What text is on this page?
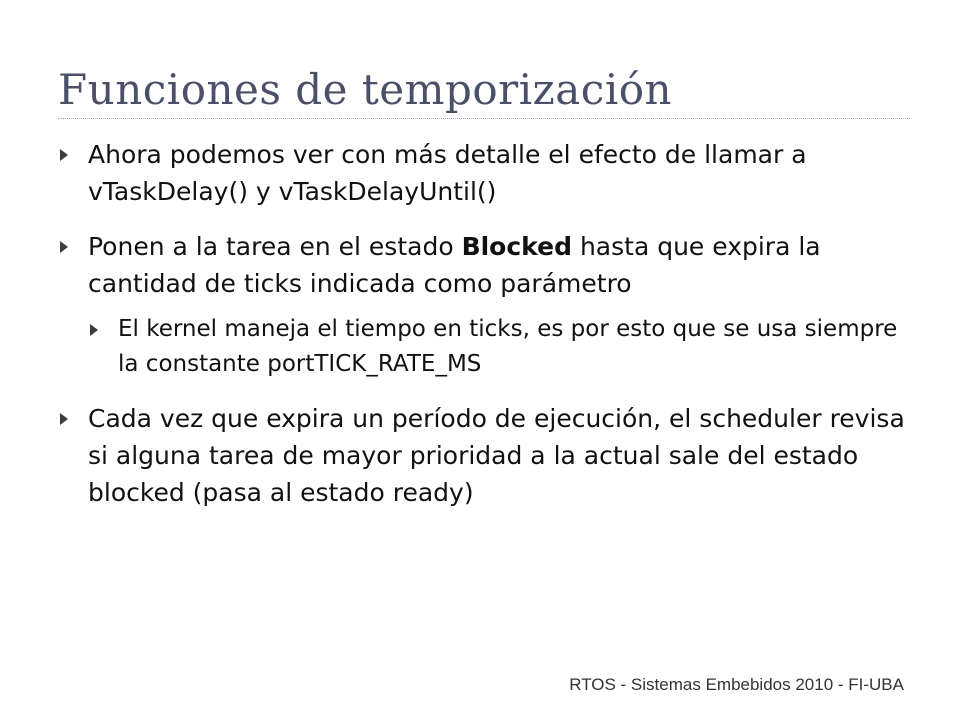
Funciones de temporización
Ahora podemos ver con más detalle el efecto de llamar a vTaskDelay() y vTaskDelayUntil()
Ponen a la tarea en el estado Blocked hasta que expira la cantidad de ticks indicada como parámetro
El kernel maneja el tiempo en ticks, es por esto que se usa siempre la constante portTICK_RATE_MS
Cada vez que expira un período de ejecución, el scheduler revisa si alguna tarea de mayor prioridad a la actual sale del estado blocked (pasa al estado ready)
RTOS - Sistemas Embebidos 2010 - FI-UBA
